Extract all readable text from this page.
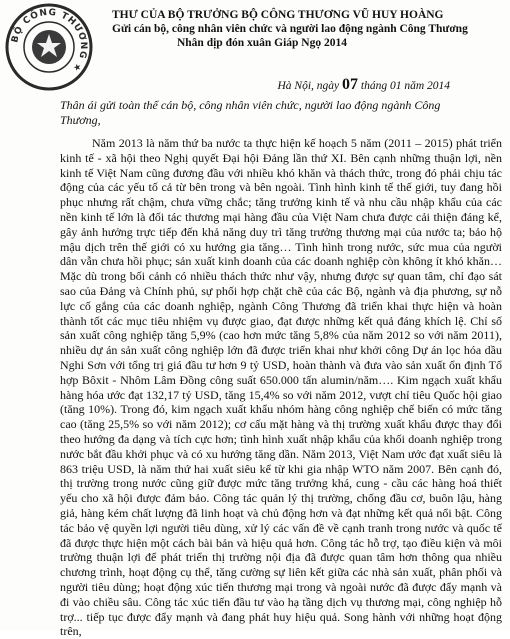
BỘ CÔNG THƯƠNG ★
THƯ CỦA BỘ TRƯỞNG BỘ CÔNG THƯƠNG VŨ HUY HOÀNG
Gửi cán bộ, công nhân viên chức và người lao động ngành Công Thương
Nhân dịp đón xuân Giáp Ngọ 2014
Hà Nội, ngày 07 tháng 01 năm 2014
Thân ái gửi toàn thể cán bộ, công nhân viên chức, người lao động ngành Công Thương,

Năm 2013 là năm thứ ba nước ta thực hiện kế hoạch 5 năm (2011 – 2015) phát triển kinh tế - xã hội theo Nghị quyết Đại hội Đảng lần thứ XI. Bên cạnh những thuận lợi, nền kinh tế Việt Nam cũng đương đầu với nhiều khó khăn và thách thức, trong đó phải chịu tác động của các yếu tố cả từ bên trong và bên ngoài. Tình hình kinh tế thế giới, tuy đang hồi phục nhưng rất chậm, chưa vững chắc; tăng trưởng kinh tế và nhu cầu nhập khẩu của các nền kinh tế lớn là đối tác thương mại hàng đầu của Việt Nam chưa được cải thiện đáng kể, gây ảnh hưởng trực tiếp đến khả năng duy trì tăng trưởng thương mại của nước ta; bảo hộ mậu dịch trên thế giới có xu hướng gia tăng… Tình hình trong nước, sức mua của người dân vẫn chưa hồi phục; sản xuất kinh doanh của các doanh nghiệp còn không ít khó khăn… Mặc dù trong bối cảnh có nhiều thách thức như vậy, nhưng được sự quan tâm, chỉ đạo sát sao của Đảng và Chính phủ, sự phối hợp chặt chẽ của các Bộ, ngành và địa phương, sự nỗ lực cố gắng của các doanh nghiệp, ngành Công Thương đã triển khai thực hiện và hoàn thành tốt các mục tiêu nhiệm vụ được giao, đạt được những kết quả đáng khích lệ. Chỉ số sản xuất công nghiệp tăng 5,9% (cao hơn mức tăng 5,8% của năm 2012 so với năm 2011), nhiều dự án sản xuất công nghiệp lớn đã được triển khai như khởi công Dự án lọc hóa dầu Nghi Sơn với tổng trị giá đầu tư hơn 9 tỷ USD, hoàn thành và đưa vào sản xuất ổn định Tổ hợp Bôxit - Nhôm Lâm Đồng công suất 650.000 tấn alumin/năm…. Kim ngạch xuất khẩu hàng hóa ước đạt 132,17 tỷ USD, tăng 15,4% so với năm 2012, vượt chỉ tiêu Quốc hội giao (tăng 10%). Trong đó, kim ngạch xuất khẩu nhóm hàng công nghiệp chế biến có mức tăng cao (tăng 25,5% so với năm 2012); cơ cấu mặt hàng và thị trường xuất khẩu được thay đổi theo hướng đa dạng và tích cực hơn; tình hình xuất nhập khẩu của khối doanh nghiệp trong nước bắt đầu khởi phục và có xu hướng tăng dần. Năm 2013, Việt Nam ước đạt xuất siêu là 863 triệu USD, là năm thứ hai xuất siêu kể từ khi gia nhập WTO năm 2007. Bên cạnh đó, thị trường trong nước cũng giữ được mức tăng trưởng khá, cung - cầu các hàng hoá thiết yếu cho xã hội được đảm bảo. Công tác quản lý thị trường, chống đầu cơ, buôn lậu, hàng giả, hàng kém chất lượng đã linh hoạt và chủ động hơn và đạt những kết quả nổi bật. Công tác bảo vệ quyền lợi người tiêu dùng, xử lý các vấn đề về cạnh tranh trong nước và quốc tế đã được thực hiện một cách bài bản và hiệu quả hơn. Công tác hỗ trợ, tạo điều kiện và môi trường thuận lợi để phát triển thị trường nội địa đã được quan tâm hơn thông qua nhiều chương trình, hoạt động cụ thể, tăng cường sự liên kết giữa các nhà sản xuất, phân phối và người tiêu dùng; hoạt động xúc tiến thương mại trong và ngoài nước đã được đẩy mạnh và đi vào chiều sâu. Công tác xúc tiến đầu tư vào hạ tầng dịch vụ thương mại, công nghiệp hỗ trợ... tiếp tục được đẩy mạnh và đang phát huy hiệu quả. Song hành với những hoạt động trên,
